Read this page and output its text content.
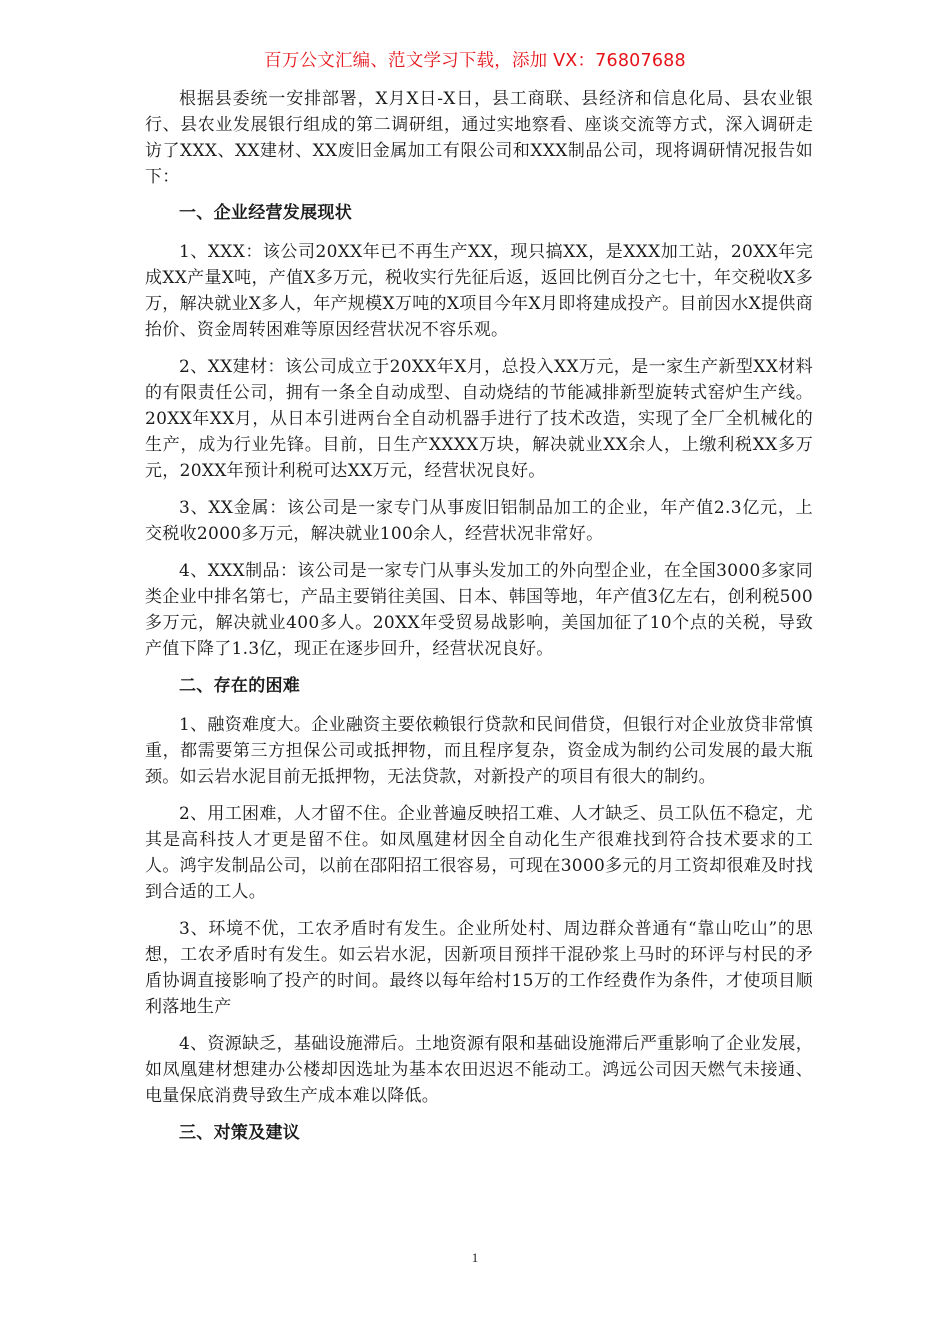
百万公文汇编、范文学习下载，添加 VX：76807688

根据县委统一安排部署，X月X日-X日，县工商联、县经济和信息化局、县农业银行、县农业发展银行组成的第二调研组，通过实地察看、座谈交流等方式，深入调研走访了XXX、XX建材、XX废旧金属加工有限公司和XXX制品公司，现将调研情况报告如下：

一、企业经营发展现状

1、XXX：该公司20XX年已不再生产XX，现只搞XX，是XXX加工站，20XX年完成XX产量X吨，产值X多万元，税收实行先征后返，返回比例百分之七十，年交税收X多万，解决就业X多人，年产规模X万吨的X项目今年X月即将建成投产。目前因水X提供商抬价、资金周转困难等原因经营状况不容乐观。

2、XX建材：该公司成立于20XX年X月，总投入XX万元，是一家生产新型XX材料的有限责任公司，拥有一条全自动成型、自动烧结的节能减排新型旋转式窑炉生产线。20XX年XX月，从日本引进两台全自动机器手进行了技术改造，实现了全厂全机械化的生产，成为行业先锋。目前，日生产XXXX万块，解决就业XX余人，上缴利税XX多万元，20XX年预计利税可达XX万元，经营状况良好。

3、XX金属：该公司是一家专门从事废旧铝制品加工的企业，年产值2.3亿元，上交税收2000多万元，解决就业100余人，经营状况非常好。

4、XXX制品：该公司是一家专门从事头发加工的外向型企业，在全国3000多家同类企业中排名第七，产品主要销往美国、日本、韩国等地，年产值3亿左右，创利税500多万元，解决就业400多人。20XX年受贸易战影响，美国加征了10个点的关税，导致产值下降了1.3亿，现正在逐步回升，经营状况良好。

二、存在的困难

1、融资难度大。企业融资主要依赖银行贷款和民间借贷，但银行对企业放贷非常慎重，都需要第三方担保公司或抵押物，而且程序复杂，资金成为制约公司发展的最大瓶颈。如云岩水泥目前无抵押物，无法贷款，对新投产的项目有很大的制约。

2、用工困难，人才留不住。企业普遍反映招工难、人才缺乏、员工队伍不稳定，尤其是高科技人才更是留不住。如凤凰建材因全自动化生产很难找到符合技术要求的工人。鸿宇发制品公司，以前在邵阳招工很容易，可现在3000多元的月工资却很难及时找到合适的工人。

3、环境不优，工农矛盾时有发生。企业所处村、周边群众普通有“靠山吃山”的思想，工农矛盾时有发生。如云岩水泥，因新项目预拌干混砂浆上马时的环评与村民的矛盾协调直接影响了投产的时间。最终以每年给村15万的工作经费作为条件，才使项目顺利落地生产

4、资源缺乏，基础设施滞后。土地资源有限和基础设施滞后严重影响了企业发展，如凤凰建材想建办公楼却因选址为基本农田迟迟不能动工。鸿远公司因天燃气未接通、电量保底消费导致生产成本难以降低。

三、对策及建议

1
